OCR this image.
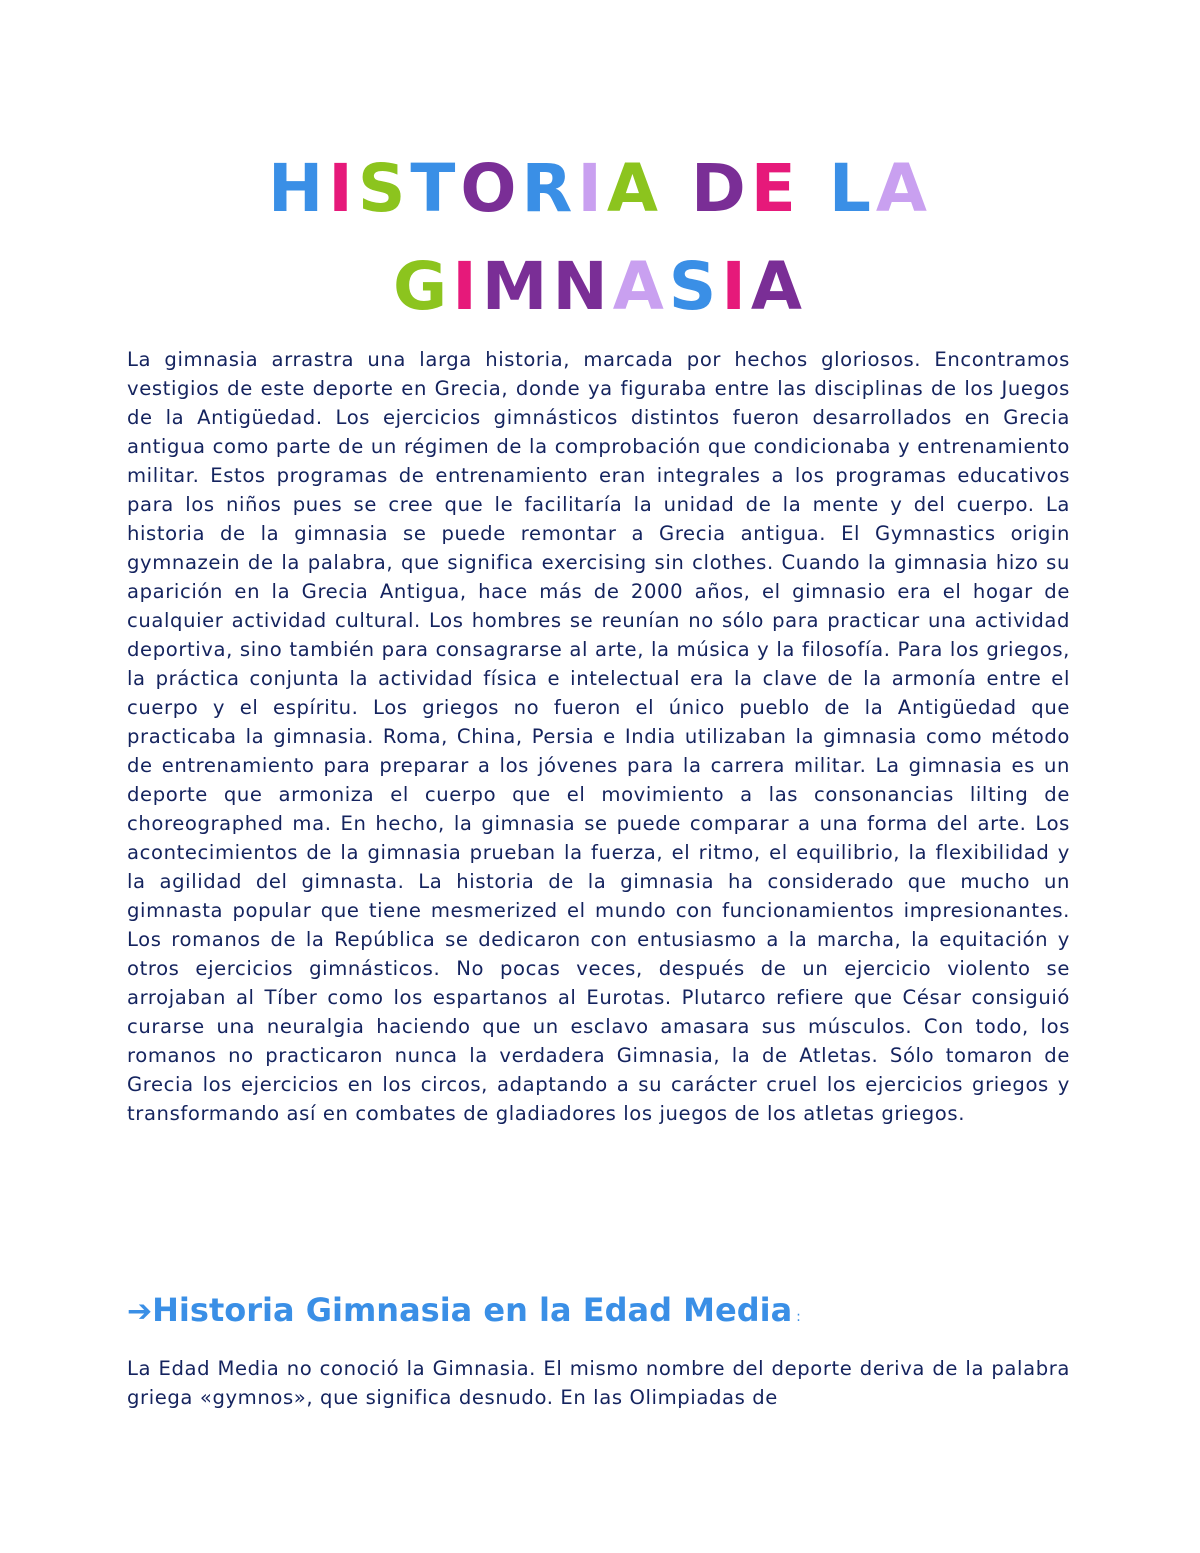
HISTORIA DE LA
GIMNASIA

La gimnasia arrastra una larga historia, marcada por hechos gloriosos. Encontramos vestigios de este deporte en Grecia, donde ya figuraba entre las disciplinas de los Juegos de la Antigüedad. Los ejercicios gimnásticos distintos fueron desarrollados en Grecia antigua como parte de un régimen de la comprobación que condicionaba y entrenamiento militar. Estos programas de entrenamiento eran integrales a los programas educativos para los niños pues se cree que le facilitaría la unidad de la mente y del cuerpo. La historia de la gimnasia se puede remontar a Grecia antigua. El Gymnastics origin gymnazein de la palabra, que significa exercising sin clothes. Cuando la gimnasia hizo su aparición en la Grecia Antigua, hace más de 2000 años, el gimnasio era el hogar de cualquier actividad cultural. Los hombres se reunían no sólo para practicar una actividad deportiva, sino también para consagrarse al arte, la música y la filosofía. Para los griegos, la práctica conjunta la actividad física e intelectual era la clave de la armonía entre el cuerpo y el espíritu. Los griegos no fueron el único pueblo de la Antigüedad que practicaba la gimnasia. Roma, China, Persia e India utilizaban la gimnasia como método de entrenamiento para preparar a los jóvenes para la carrera militar. La gimnasia es un deporte que armoniza el cuerpo que el movimiento a las consonancias lilting de choreographed ma. En hecho, la gimnasia se puede comparar a una forma del arte. Los acontecimientos de la gimnasia prueban la fuerza, el ritmo, el equilibrio, la flexibilidad y la agilidad del gimnasta. La historia de la gimnasia ha considerado que mucho un gimnasta popular que tiene mesmerized el mundo con funcionamientos impresionantes. Los romanos de la República se dedicaron con entusiasmo a la marcha, la equitación y otros ejercicios gimnásticos. No pocas veces, después de un ejercicio violento se arrojaban al Tíber como los espartanos al Eurotas. Plutarco refiere que César consiguió curarse una neuralgia haciendo que un esclavo amasara sus músculos. Con todo, los romanos no practicaron nunca la verdadera Gimnasia, la de Atletas. Sólo tomaron de Grecia los ejercicios en los circos, adaptando a su carácter cruel los ejercicios griegos y transformando así en combates de gladiadores los juegos de los atletas griegos.

➔Historia Gimnasia en la Edad Media :

La Edad Media no conoció la Gimnasia. El mismo nombre del deporte deriva de la palabra griega «gymnos», que significa desnudo. En las Olimpiadas de
